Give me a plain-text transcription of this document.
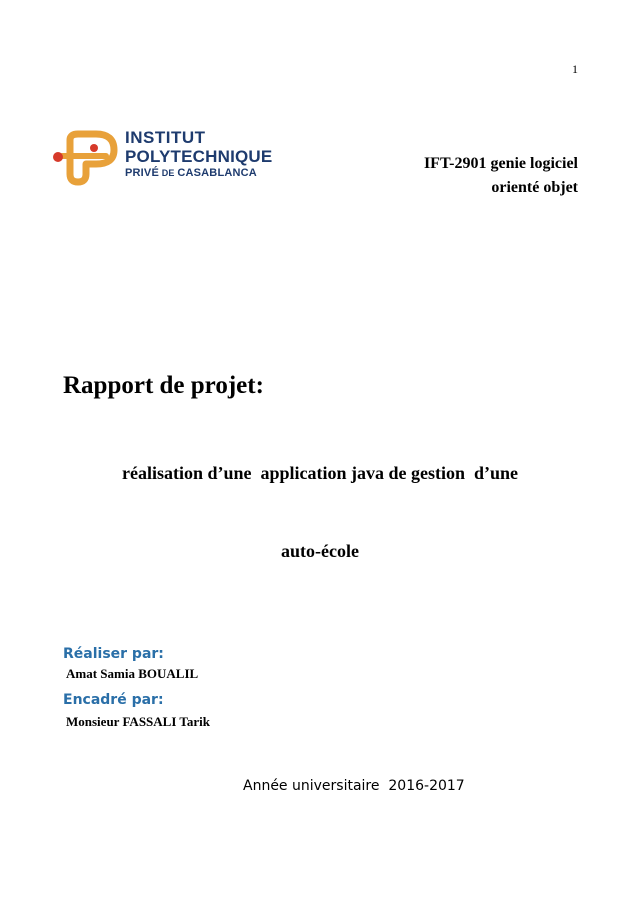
1
INSTITUT
POLYTECHNIQUE
PRIVÉ DE CASABLANCA
IFT-2901 genie logiciel
orienté objet
Rapport de projet:

réalisation d’une  application java de gestion  d’une

auto-école

Réaliser par:
Amat Samia BOUALIL
Encadré par:
Monsieur FASSALI Tarik
Année universitaire  2016-2017
